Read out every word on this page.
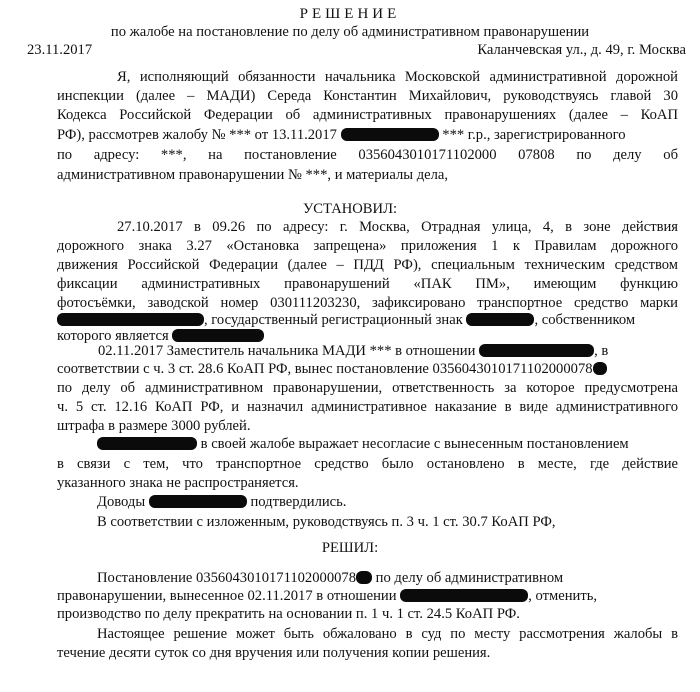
РЕШЕНИЕ
по жалобе на постановление по делу об административном правонарушении
23.11.2017	Каланчевская ул., д. 49, г. Москва
Я, исполняющий обязанности начальника Московской административной дорожной
инспекции (далее – МАДИ) Середа Константин Михайлович, руководствуясь главой 30
Кодекса Российской Федерации об административных правонарушениях (далее – КоАП
РФ), рассмотрев жалобу № *** от 13.11.2017	*** г.р., зарегистрированного
по адресу: ***, на постановление 0356043010171102000 07808 по делу об
административном правонарушении № ***, и материалы дела,
УСТАНОВИЛ:
27.10.2017 в 09.26 по адресу: г. Москва, Отрадная улица, 4, в зоне действия
дорожного знака 3.27 «Остановка запрещена» приложения 1 к Правилам дорожного
движения Российской Федерации (далее – ПДД РФ), специальным техническим средством
фиксации административных правонарушений «ПАК ПМ», имеющим функцию
фотосъёмки, заводской номер 030111203230, зафиксировано транспортное средство марки
, государственный регистрационный знак	, собственником
которого является
02.11.2017 Заместитель начальника МАДИ *** в отношении	, в
соответствии с ч. 3 ст. 28.6 КоАП РФ, вынес постановление 0356043010171102000078
по делу об административном правонарушении, ответственность за которое предусмотрена
ч. 5 ст. 12.16 КоАП РФ, и назначил административное наказание в виде административного
штрафа в размере 3000 рублей.
в своей жалобе выражает несогласие с вынесенным постановлением
в связи с тем, что транспортное средство было остановлено в месте, где действие
указанного знака не распространяется.
Доводы	подтвердились.
В соответствии с изложенным, руководствуясь п. 3 ч. 1 ст. 30.7 КоАП РФ,
РЕШИЛ:
Постановление 0356043010171102000078 по делу об административном
правонарушении, вынесенное 02.11.2017 в отношении	, отменить,
производство по делу прекратить на основании п. 1 ч. 1 ст. 24.5 КоАП РФ.
Настоящее решение может быть обжаловано в суд по месту рассмотрения жалобы в
течение десяти суток со дня вручения или получения копии решения.
